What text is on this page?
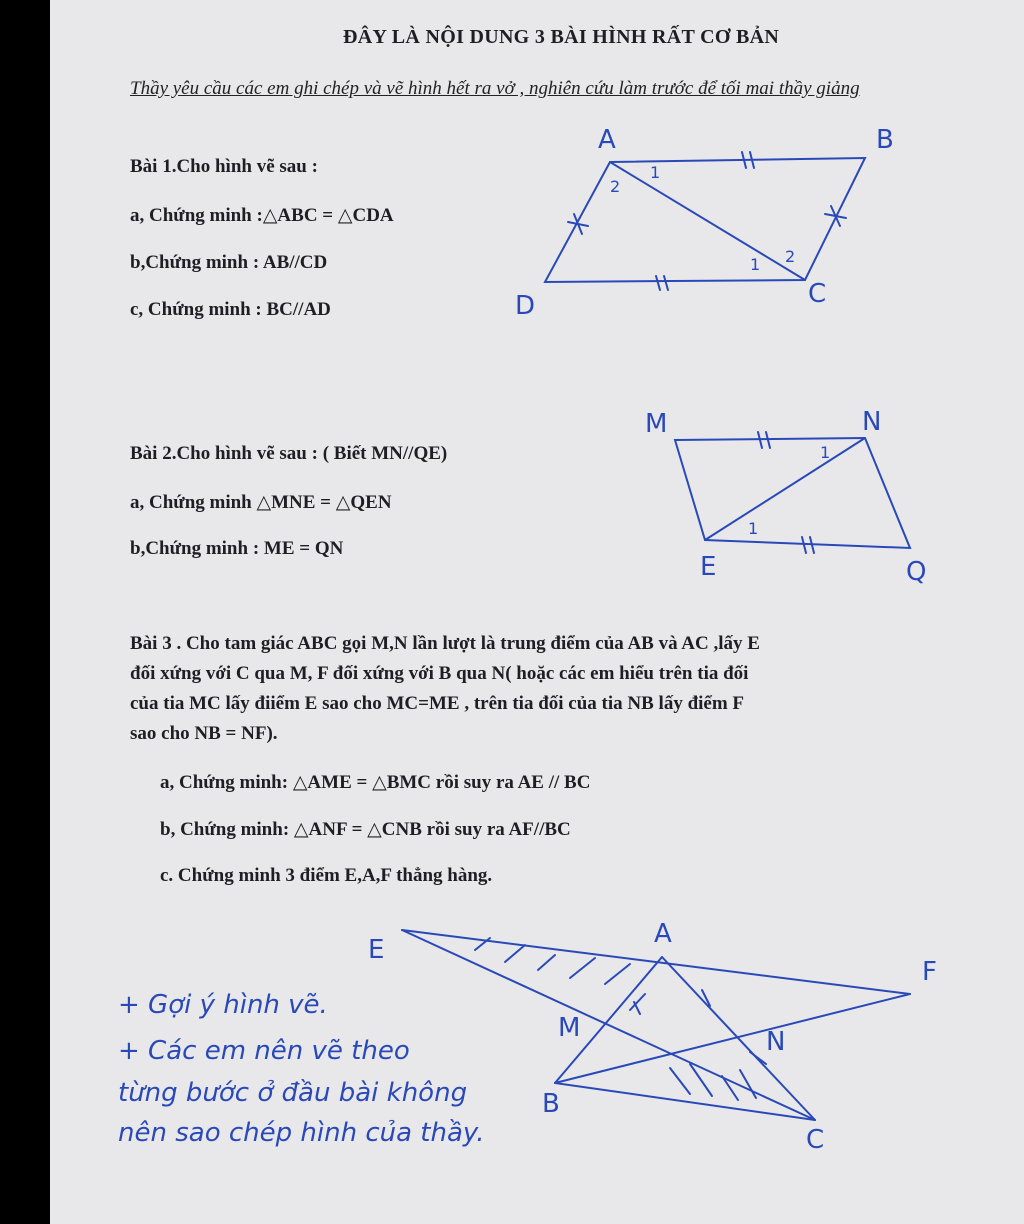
ĐÂY LÀ NỘI DUNG 3 BÀI HÌNH RẤT CƠ BẢN
Thầy yêu cầu các em ghi chép và vẽ hình hết ra vở , nghiên cứu làm trước để tối mai thầy giảng
Bài 1.Cho hình vẽ sau :
a, Chứng minh :△ABC = △CDA
b,Chứng minh : AB//CD
c, Chứng minh : BC//AD
Bài 2.Cho hình vẽ sau : ( Biết MN//QE)
a, Chứng minh △MNE = △QEN
b,Chứng minh : ME = QN
Bài 3 . Cho tam giác ABC gọi M,N lần lượt là trung điểm của AB và AC ,lấy E
đối xứng với C qua M, F đối xứng với B qua N( hoặc các em hiểu trên tia đối
của tia MC lấy điiểm E sao cho MC=ME , trên tia đối của tia NB lấy điểm F
sao cho NB = NF).
a, Chứng minh: △AME = △BMC rồi suy ra AE // BC
b, Chứng minh: △ANF = △CNB rồi suy ra AF//BC
c. Chứng minh 3 điểm E,A,F thẳng hàng.
+ Gợi ý hình vẽ.
+ Các em nên vẽ theo
từng bước ở đầu bài không
nên sao chép hình của thầy.
A	B
C
D
1
2
1 2
M	N
E	Q
1
1
E
A
F
M	N
B
C
